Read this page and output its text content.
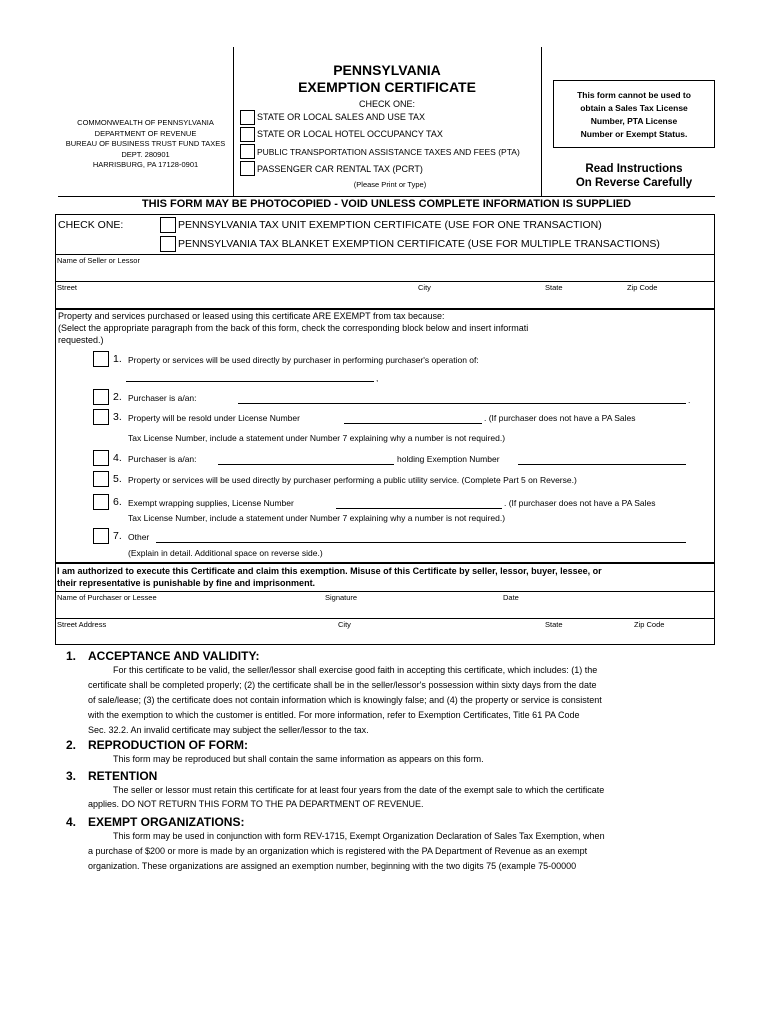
COMMONWEALTH OF PENNSYLVANIA
DEPARTMENT OF REVENUE
BUREAU OF BUSINESS TRUST FUND TAXES
DEPT. 280901
HARRISBURG, PA 17128-0901
PENNSYLVANIA
EXEMPTION CERTIFICATE
CHECK ONE:
STATE OR LOCAL SALES AND USE TAX
STATE OR LOCAL HOTEL OCCUPANCY TAX
PUBLIC TRANSPORTATION ASSISTANCE TAXES AND FEES (PTA)
PASSENGER CAR RENTAL TAX (PCRT)
(Please Print or Type)
This form cannot be used to
obtain a Sales Tax License
Number, PTA License
Number or Exempt Status.
Read Instructions
On Reverse Carefully
THIS FORM MAY BE PHOTOCOPIED - VOID UNLESS COMPLETE INFORMATION IS SUPPLIED
CHECK ONE:	PENNSYLVANIA TAX UNIT EXEMPTION CERTIFICATE (USE FOR ONE TRANSACTION)
PENNSYLVANIA TAX BLANKET EXEMPTION CERTIFICATE (USE FOR MULTIPLE TRANSACTIONS)
Name of Seller or Lessor
Street	City	State	Zip Code
Property and services purchased or leased using this certificate ARE EXEMPT from tax because:
(Select the appropriate paragraph from the back of this form, check the corresponding block below and insert informati
requested.)
1. Property or services will be used directly by purchaser in performing purchaser's operation of:
,
2. Purchaser is a/an:	.
3. Property will be resold under License Number	. (If purchaser does not have a PA Sales
Tax License Number, include a statement under Number 7 explaining why a number is not required.)
4. Purchaser is a/an:	holding Exemption Number
5. Property or services will be used directly by purchaser performing a public utility service. (Complete Part 5 on Reverse.)
6. Exempt wrapping supplies, License Number	. (If purchaser does not have a PA Sales
Tax License Number, include a statement under Number 7 explaining why a number is not required.)
7. Other
(Explain in detail. Additional space on reverse side.)
I am authorized to execute this Certificate and claim this exemption. Misuse of this Certificate by seller, lessor, buyer, lessee, or
their representative is punishable by fine and imprisonment.
Name of Purchaser or Lessee	Signature	Date
Street Address	City	State	Zip Code
1. ACCEPTANCE AND VALIDITY:
For this certificate to be valid, the seller/lessor shall exercise good faith in accepting this certificate, which includes: (1) the
certificate shall be completed properly; (2) the certificate shall be in the seller/lessor's possession within sixty days from the date
of sale/lease; (3) the certificate does not contain information which is knowingly false; and (4) the property or service is consistent
with the exemption to which the customer is entitled. For more information, refer to Exemption Certificates, Title 61 PA Code
Sec. 32.2. An invalid certificate may subject the seller/lessor to the tax.
2. REPRODUCTION OF FORM:
This form may be reproduced but shall contain the same information as appears on this form.
3. RETENTION
The seller or lessor must retain this certificate for at least four years from the date of the exempt sale to which the certificate
applies. DO NOT RETURN THIS FORM TO THE PA DEPARTMENT OF REVENUE.
4. EXEMPT ORGANIZATIONS:
This form may be used in conjunction with form REV-1715, Exempt Organization Declaration of Sales Tax Exemption, when
a purchase of $200 or more is made by an organization which is registered with the PA Department of Revenue as an exempt
organization. These organizations are assigned an exemption number, beginning with the two digits 75 (example 75-00000
